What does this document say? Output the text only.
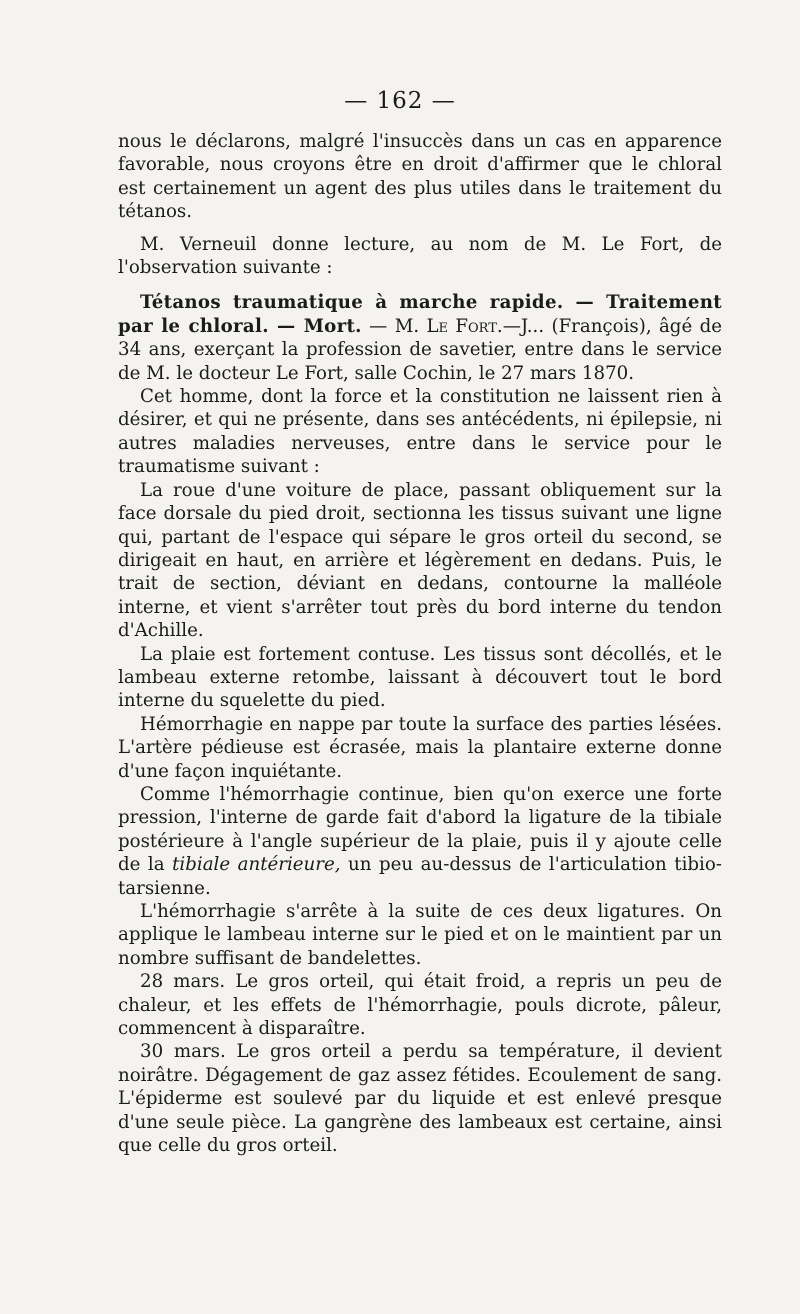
— 162 —

nous le déclarons, malgré l'insuccès dans un cas en apparence favorable, nous croyons être en droit d'affirmer que le chloral est certainement un agent des plus utiles dans le traitement du tétanos.

M. Verneuil donne lecture, au nom de M. Le Fort, de l'observation suivante :

Tétanos traumatique à marche rapide. — Traitement par le chloral. — Mort. — M. Le Fort.—J... (François), âgé de 34 ans, exerçant la profession de savetier, entre dans le service de M. le docteur Le Fort, salle Cochin, le 27 mars 1870.

Cet homme, dont la force et la constitution ne laissent rien à désirer, et qui ne présente, dans ses antécédents, ni épilepsie, ni autres maladies nerveuses, entre dans le service pour le traumatisme suivant :

La roue d'une voiture de place, passant obliquement sur la face dorsale du pied droit, sectionna les tissus suivant une ligne qui, partant de l'espace qui sépare le gros orteil du second, se dirigeait en haut, en arrière et légèrement en dedans. Puis, le trait de section, déviant en dedans, contourne la malléole interne, et vient s'arrêter tout près du bord interne du tendon d'Achille.

La plaie est fortement contuse. Les tissus sont décollés, et le lambeau externe retombe, laissant à découvert tout le bord interne du squelette du pied.

Hémorrhagie en nappe par toute la surface des parties lésées. L'artère pédieuse est écrasée, mais la plantaire externe donne d'une façon inquiétante.

Comme l'hémorrhagie continue, bien qu'on exerce une forte pression, l'interne de garde fait d'abord la ligature de la tibiale postérieure à l'angle supérieur de la plaie, puis il y ajoute celle de la tibiale antérieure, un peu au-dessus de l'articulation tibio-tarsienne.

L'hémorrhagie s'arrête à la suite de ces deux ligatures. On applique le lambeau interne sur le pied et on le maintient par un nombre suffisant de bandelettes.

28 mars. Le gros orteil, qui était froid, a repris un peu de chaleur, et les effets de l'hémorrhagie, pouls dicrote, pâleur, commencent à disparaître.

30 mars. Le gros orteil a perdu sa température, il devient noirâtre. Dégagement de gaz assez fétides. Ecoulement de sang. L'épiderme est soulevé par du liquide et est enlevé presque d'une seule pièce. La gangrène des lambeaux est certaine, ainsi que celle du gros orteil.
